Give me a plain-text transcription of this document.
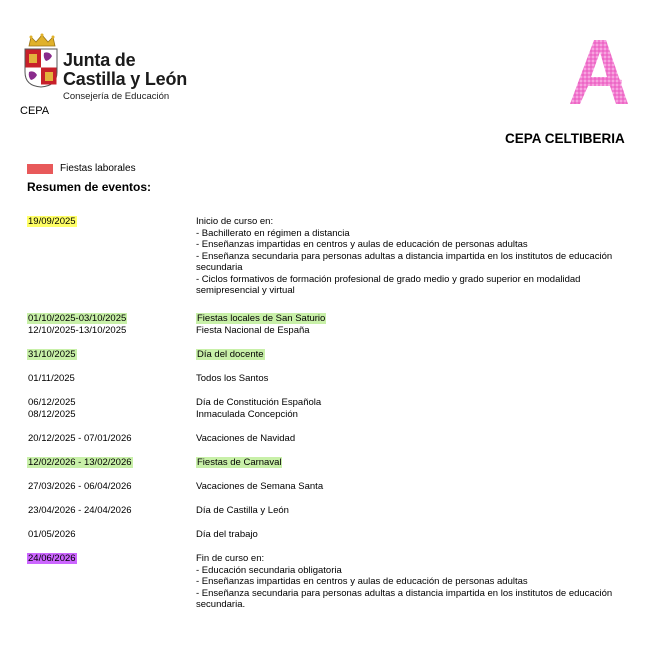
Junta de
Castilla y León
Consejería de Educación
CEPA
CEPA CELTIBERIA
Fiestas laborales
Resumen de eventos:
19/09/2025	Inicio de curso en:
- Bachillerato en régimen a distancia
- Enseñanzas impartidas en centros y aulas de educación de personas adultas
- Enseñanza secundaria para personas adultas a distancia impartida en los institutos de educación
secundaria
- Ciclos formativos de formación profesional de grado medio y grado superior en modalidad
semipresencial y virtual
01/10/2025-03/10/2025	Fiestas locales de San Saturio
12/10/2025-13/10/2025	Fiesta Nacional de España
31/10/2025	Día del docente
01/11/2025	Todos los Santos
06/12/2025	Día de Constitución Española
08/12/2025	Inmaculada Concepción
20/12/2025 - 07/01/2026	Vacaciones de Navidad
12/02/2026 - 13/02/2026	Fiestas de Carnaval
27/03/2026 - 06/04/2026	Vacaciones de Semana Santa
23/04/2026 - 24/04/2026	Día de Castilla y León
01/05/2026	Día del trabajo
24/06/2026	Fin de curso en:
- Educación secundaria obligatoria
- Enseñanzas impartidas en centros y aulas de educación de personas adultas
- Enseñanza secundaria para personas adultas a distancia impartida en los institutos de educación
secundaria.
